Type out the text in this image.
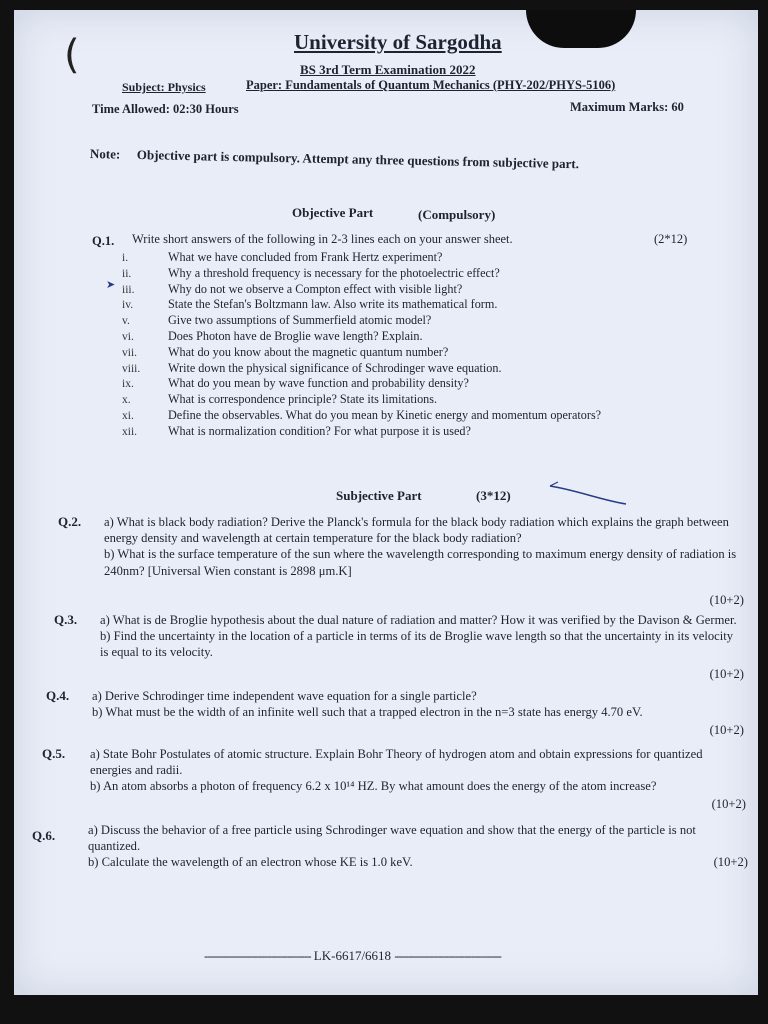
(	University of Sargodha
BS 3rd Term Examination 2022
Subject: Physics	Paper: Fundamentals of Quantum Mechanics (PHY-202/PHYS-5106)
Time Allowed: 02:30 Hours	Maximum Marks: 60
Note: Objective part is compulsory. Attempt any three questions from subjective part.
Objective Part	(Compulsory)
Q.1. Write short answers of the following in 2-3 lines each on your answer sheet.	(2*12)
➤
i.	What we have concluded from Frank Hertz experiment?
ii.	Why a threshold frequency is necessary for the photoelectric effect?
iii.	Why do not we observe a Compton effect with visible light?
iv.	State the Stefan's Boltzmann law. Also write its mathematical form.
v.	Give two assumptions of Summerfield atomic model?
vi.	Does Photon have de Broglie wave length? Explain.
vii.	What do you know about the magnetic quantum number?
viii. Write down the physical significance of Schrodinger wave equation.
ix.	What do you mean by wave function and probability density?
x.	What is correspondence principle? State its limitations.
xi.	Define the observables. What do you mean by Kinetic energy and momentum operators?
xii.	What is normalization condition? For what purpose it is used?
Subjective Part	(3*12)
Q.2. a) What is black body radiation? Derive the Planck's formula for the black body radiation which explains the graph between energy density and wavelength at certain temperature for the black body radiation?

b) What is the surface temperature of the sun where the wavelength corresponding to maximum energy density of radiation is 240nm? [Universal Wien constant is 2898 μm.K]

(10+2)
Q.3. a) What is de Broglie hypothesis about the dual nature of radiation and matter? How it was verified by the Davison & Germer.

b) Find the uncertainty in the location of a particle in terms of its de Broglie wave length so that the uncertainty in its velocity is equal to its velocity.

(10+2)
Q.4. a) Derive Schrodinger time independent wave equation for a single particle?

b) What must be the width of an infinite well such that a trapped electron in the n=3 state has energy 4.70 eV.

(10+2)
Q.5. a) State Bohr Postulates of atomic structure. Explain Bohr Theory of hydrogen atom and obtain expressions for quantized energies and radii.

b) An atom absorbs a photon of frequency 6.2 x 10¹⁴ HZ. By what amount does the energy of the atom increase?

(10+2)
Q.6.	a) Discuss the behavior of a free particle using Schrodinger wave equation and show that the energy of the particle is not quantized.

b) Calculate the wavelength of an electron whose KE is 1.0 keV.	(10+2)
-------------------------------- LK-6617/6618 --------------------------------
